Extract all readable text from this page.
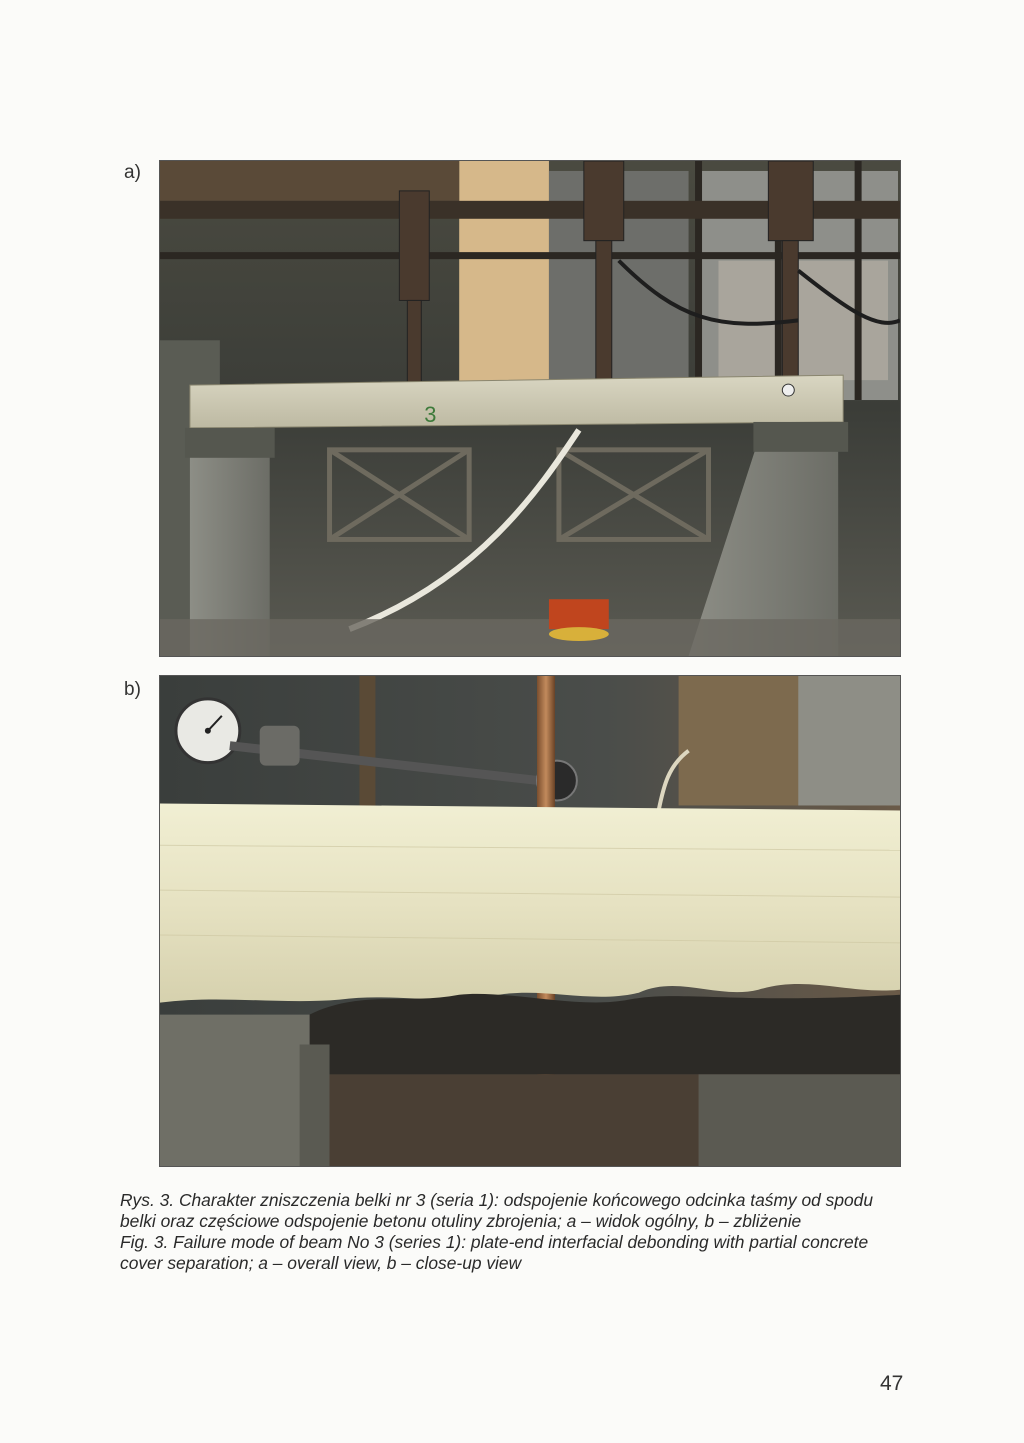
a)
b)
3

Rys. 3. Charakter zniszczenia belki nr 3 (seria 1): odspojenie końcowego odcinka taśmy od spodu belki oraz częściowe odspojenie betonu otuliny zbrojenia; a – widok ogólny, b – zbliżenie

Fig. 3. Failure mode of beam No 3 (series 1): plate-end interfacial debonding with partial concrete cover separation; a – overall view, b – close-up view

47
